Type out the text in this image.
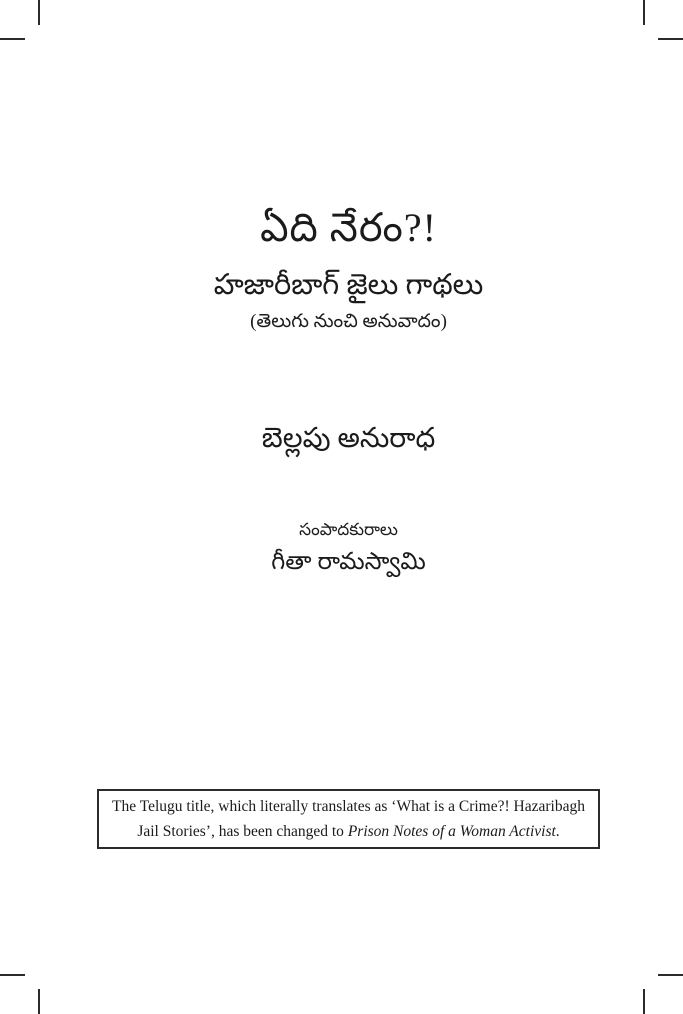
ఏది నేరం?!
హజారీబాగ్ జైలు గాథలు
(తెలుగు నుంచి అనువాదం)
బెల్లపు అనురాధ
సంపాదకురాలు
గీతా రామస్వామి
The Telugu title, which literally translates as ‘What is a Crime?! Hazaribagh
Jail Stories’, has been changed to Prison Notes of a Woman Activist.
